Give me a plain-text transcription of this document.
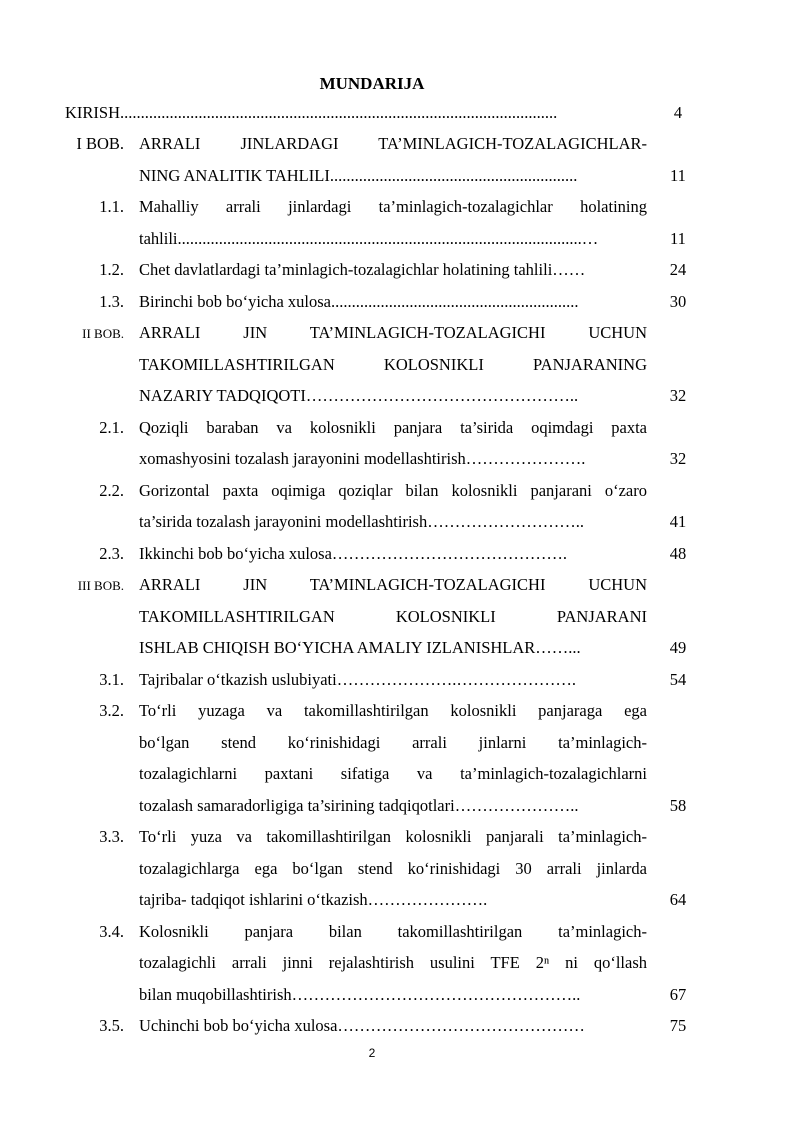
MUNDARIJA
KIRISH..........................................................................................................	4
I BOB. ARRALI JINLARDAGI TA’MINLAGICH-TOZALAGICHLAR-
NING ANALITIK TAHLILI............................................................	11
1.1. Mahalliy arrali jinlardagi ta’minlagich-tozalagichlar holatining
tahlili..................................................................................................…	11
1.2. Chet davlatlardagi ta’minlagich-tozalagichlar holatining tahlili……	24
1.3. Birinchi bob bo‘yicha xulosa............................................................	30
II BOB. ARRALI JIN TA’MINLAGICH-TOZALAGICHI UCHUN
TAKOMILLASHTIRILGAN KOLOSNIKLI PANJARANING
NAZARIY TADQIQOTI…………………………………………..	32
2.1. Qoziqli baraban va kolosnikli panjara ta’sirida oqimdagi paxta
xomashyosini tozalash jarayonini modellashtirish………………….	32
2.2. Gorizontal paxta oqimiga qoziqlar bilan kolosnikli panjarani o‘zaro
ta’sirida tozalash jarayonini modellashtirish………………………..	41
2.3. Ikkinchi bob bo‘yicha xulosa…………………………………….	48
III BOB. ARRALI JIN TA’MINLAGICH-TOZALAGICHI UCHUN
TAKOMILLASHTIRILGAN KOLOSNIKLI PANJARANI
ISHLAB CHIQISH BO‘YICHA AMALIY IZLANISHLAR……...	49
3.1. Tajribalar o‘tkazish uslubiyati………………….………………….	54
3.2. To‘rli yuzaga va takomillashtirilgan kolosnikli panjaraga ega
bo‘lgan stend ko‘rinishidagi arrali jinlarni ta’minlagich-
tozalagichlarni paxtani sifatiga va ta’minlagich-tozalagichlarni
tozalash samaradorligiga ta’sirining tadqiqotlari…………………..	58
3.3. To‘rli yuza va takomillashtirilgan kolosnikli panjarali ta’minlagich-
tozalagichlarga ega bo‘lgan stend ko‘rinishidagi 30 arrali jinlarda
tajriba- tadqiqot ishlarini o‘tkazish………………….	64
3.4. Kolosnikli panjara bilan takomillashtirilgan ta’minlagich-
tozalagichli arrali jinni rejalashtirish usulini TFE 2ⁿ ni qo‘llash
bilan muqobillashtirish……………………………………………..	67
3.5. Uchinchi bob bo‘yicha xulosa………………………………………	75
2
